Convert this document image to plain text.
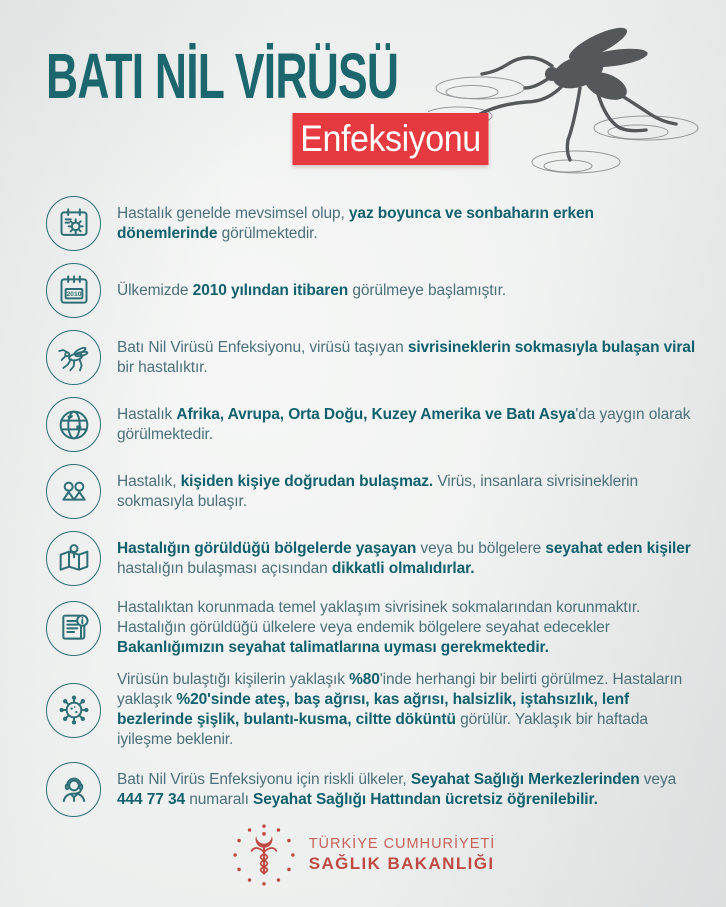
BATI NİL VİRÜSÜ
Enfeksiyonu

Hastalık genelde mevsimsel olup, yaz boyunca ve sonbaharın erken dönemlerinde görülmektedir.

2010 Ülkemizde 2010 yılından itibaren görülmeye başlamıştır.

Batı Nil Virüsü Enfeksiyonu, virüsü taşıyan sivrisineklerin sokmasıyla bulaşan viral bir hastalıktır.

Hastalık Afrika, Avrupa, Orta Doğu, Kuzey Amerika ve Batı Asya'da yaygın olarak görülmektedir.

Hastalık, kişiden kişiye doğrudan bulaşmaz. Virüs, insanlara sivrisineklerin sokmasıyla bulaşır.

Hastalığın görüldüğü bölgelerde yaşayan veya bu bölgelere seyahat eden kişiler hastalığın bulaşması açısından dikkatli olmalıdırlar.

Hastalıktan korunmada temel yaklaşım sivrisinek sokmalarından korunmaktır. Hastalığın görüldüğü ülkelere veya endemik bölgelere seyahat edecekler Bakanlığımızın seyahat talimatlarına uyması gerekmektedir.

Virüsün bulaştığı kişilerin yaklaşık %80'inde herhangi bir belirti görülmez. Hastaların yaklaşık %20'sinde ateş, baş ağrısı, kas ağrısı, halsizlik, iştahsızlık, lenf bezlerinde şişlik, bulantı-kusma, ciltte döküntü görülür. Yaklaşık bir haftada iyileşme beklenir.

Batı Nil Virüs Enfeksiyonu için riskli ülkeler, Seyahat Sağlığı Merkezlerinden veya 444 77 34 numaralı Seyahat Sağlığı Hattından ücretsiz öğrenilebilir.

TÜRKİYE CUMHURİYETİ
SAĞLIK BAKANLIĞI
